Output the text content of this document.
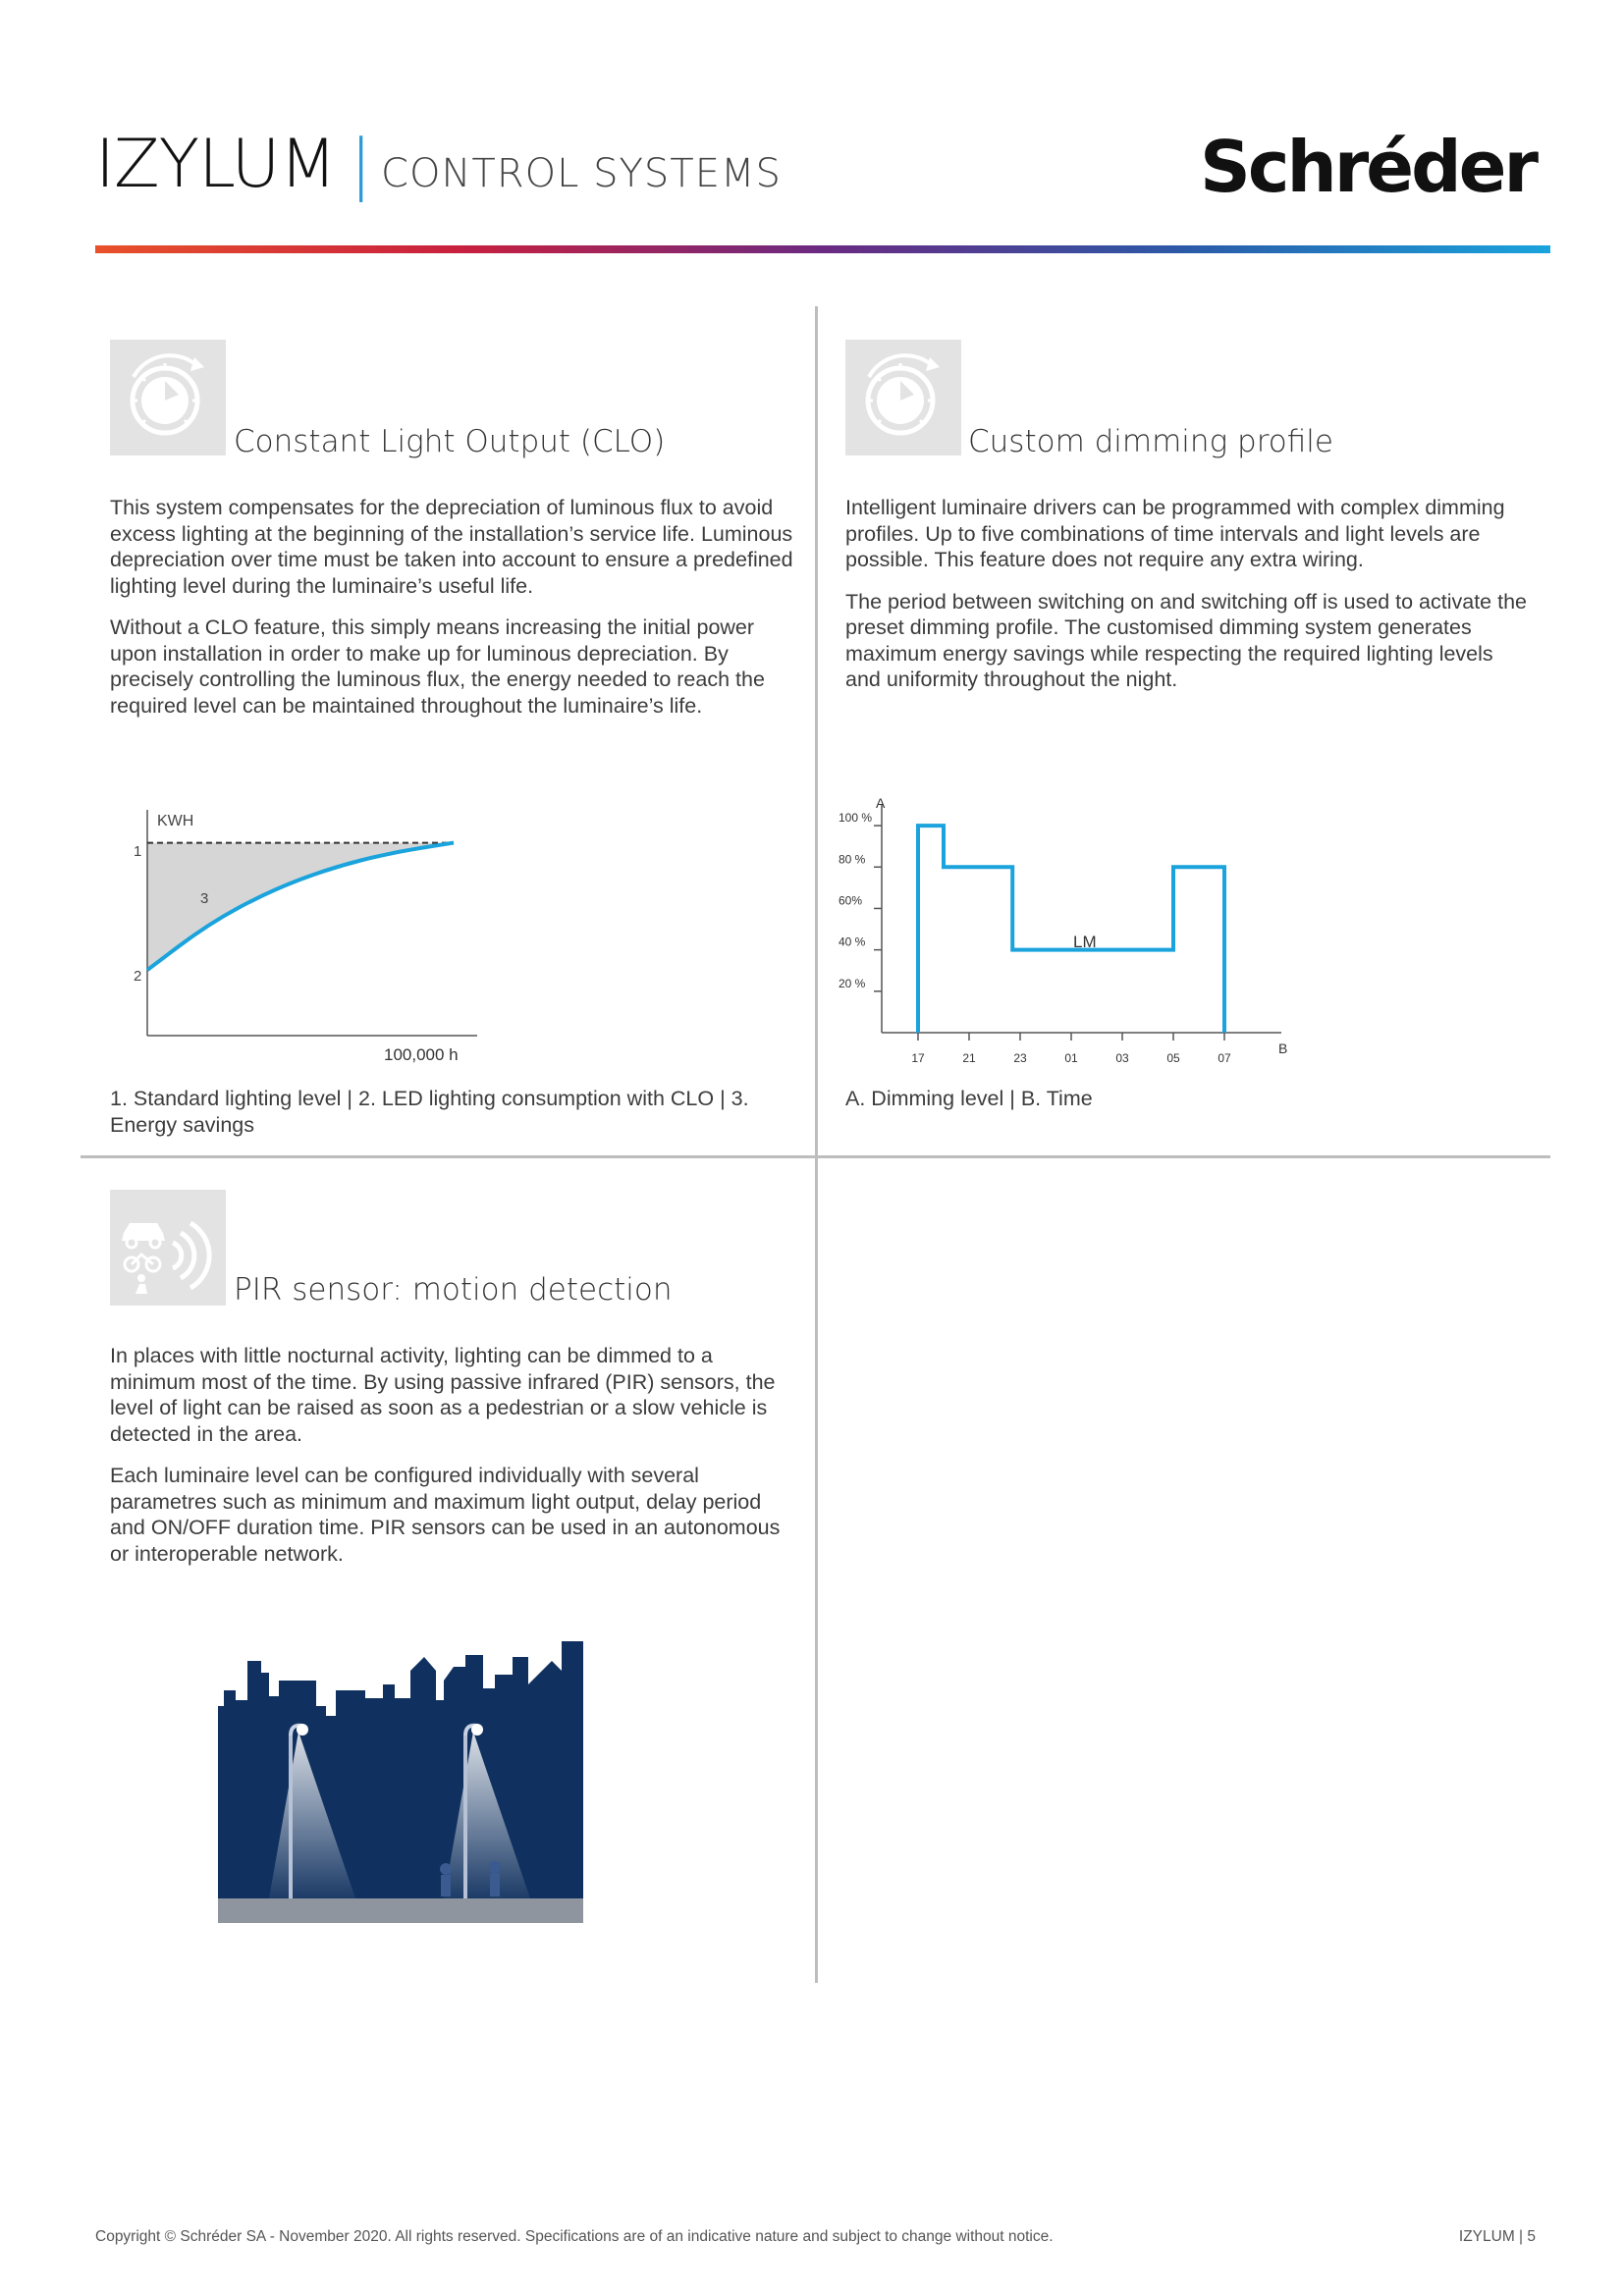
IZYLUM | CONTROL SYSTEMS	Schréder
Constant Light Output (CLO)

This system compensates for the depreciation of luminous flux to avoid excess lighting at the beginning of the installation’s service life. Luminous depreciation over time must be taken into account to ensure a predefined lighting level during the luminaire’s useful life.

Without a CLO feature, this simply means increasing the initial power upon installation in order to make up for luminous depreciation. By precisely controlling the luminous flux, the energy needed to reach the required level can be maintained throughout the luminaire’s life.

KWH
1
2
3
100,000 h
1. Standard lighting level | 2. LED lighting consumption with CLO | 3. Energy savings
Custom dimming profile

Intelligent luminaire drivers can be programmed with complex dimming profiles. Up to five combinations of time intervals and light levels are possible. This feature does not require any extra wiring.

The period between switching on and switching off is used to activate the preset dimming profile. The customised dimming system generates maximum energy savings while respecting the required lighting levels and uniformity throughout the night.

A
B
100 %
80 %
60%
40 %
20 %
17	21	23	01	03	05	07
LM
A. Dimming level | B. Time
PIR sensor: motion detection

In places with little nocturnal activity, lighting can be dimmed to a minimum most of the time. By using passive infrared (PIR) sensors, the level of light can be raised as soon as a pedestrian or a slow vehicle is detected in the area.

Each luminaire level can be configured individually with several parametres such as minimum and maximum light output, delay period and ON/OFF duration time. PIR sensors can be used in an autonomous or interoperable network.

Copyright © Schréder SA - November 2020. All rights reserved. Specifications are of an indicative nature and subject to change without notice.	IZYLUM | 5
